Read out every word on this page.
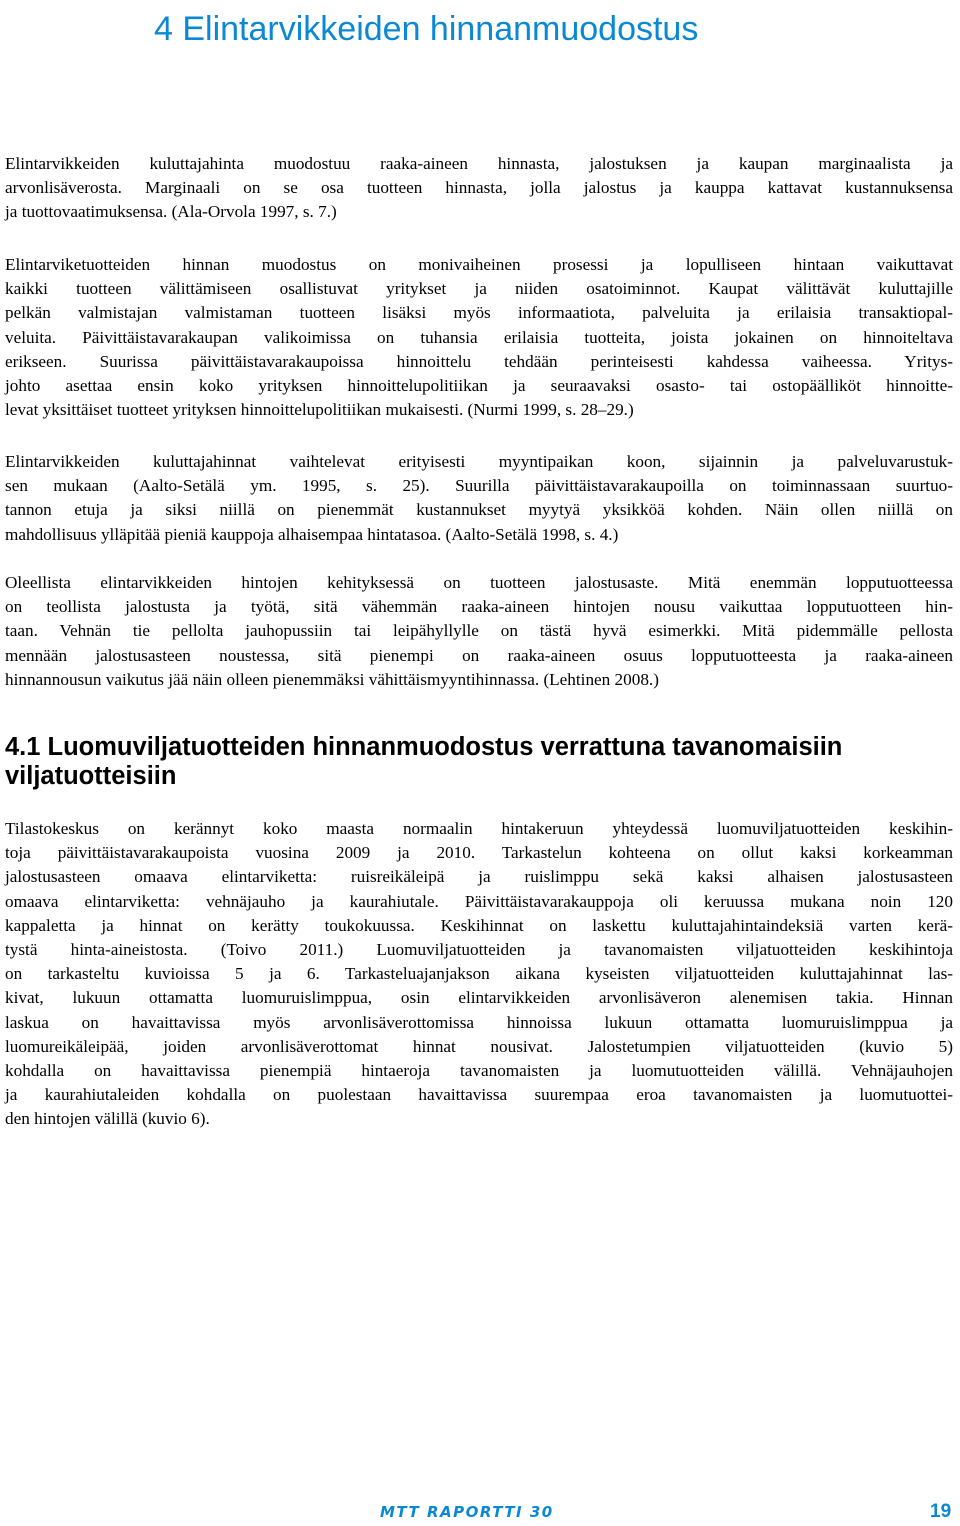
4 Elintarvikkeiden hinnanmuodostus

Elintarvikkeiden kuluttajahinta muodostuu raaka-aineen hinnasta, jalostuksen ja kaupan marginaalista ja
arvonlisäverosta. Marginaali on se osa tuotteen hinnasta, jolla jalostus ja kauppa kattavat kustannuksensa
ja tuottovaatimuksensa. (Ala-Orvola 1997, s. 7.)

Elintarviketuotteiden hinnan muodostus on monivaiheinen prosessi ja lopulliseen hintaan vaikuttavat
kaikki tuotteen välittämiseen osallistuvat yritykset ja niiden osatoiminnot. Kaupat välittävät kuluttajille
pelkän valmistajan valmistaman tuotteen lisäksi myös informaatiota, palveluita ja erilaisia transaktiopal-
veluita. Päivittäistavarakaupan valikoimissa on tuhansia erilaisia tuotteita, joista jokainen on hinnoiteltava
erikseen. Suurissa päivittäistavarakaupoissa hinnoittelu tehdään perinteisesti kahdessa vaiheessa. Yritys-
johto asettaa ensin koko yrityksen hinnoittelupolitiikan ja seuraavaksi osasto- tai ostopäälliköt hinnoitte-
levat yksittäiset tuotteet yrityksen hinnoittelupolitiikan mukaisesti. (Nurmi 1999, s. 28–29.)

Elintarvikkeiden kuluttajahinnat vaihtelevat erityisesti myyntipaikan koon, sijainnin ja palveluvarustuk-
sen mukaan (Aalto-Setälä ym. 1995, s. 25). Suurilla päivittäistavarakaupoilla on toiminnassaan suurtuo-
tannon etuja ja siksi niillä on pienemmät kustannukset myytyä yksikköä kohden. Näin ollen niillä on
mahdollisuus ylläpitää pieniä kauppoja alhaisempaa hintatasoa. (Aalto-Setälä 1998, s. 4.)

Oleellista elintarvikkeiden hintojen kehityksessä on tuotteen jalostusaste. Mitä enemmän lopputuotteessa
on teollista jalostusta ja työtä, sitä vähemmän raaka-aineen hintojen nousu vaikuttaa lopputuotteen hin-
taan. Vehnän tie pellolta jauhopussiin tai leipähyllylle on tästä hyvä esimerkki. Mitä pidemmälle pellosta
mennään jalostusasteen noustessa, sitä pienempi on raaka-aineen osuus lopputuotteesta ja raaka-aineen
hinnannousun vaikutus jää näin olleen pienemmäksi vähittäismyyntihinnassa. (Lehtinen 2008.)

4.1 Luomuviljatuotteiden hinnanmuodostus verrattuna tavanomaisiin viljatuotteisiin

Tilastokeskus on kerännyt koko maasta normaalin hintakeruun yhteydessä luomuviljatuotteiden keskihin-
toja päivittäistavarakaupoista vuosina 2009 ja 2010. Tarkastelun kohteena on ollut kaksi korkeamman
jalostusasteen omaava elintarviketta: ruisreikäleipä ja ruislimppu sekä kaksi alhaisen jalostusasteen
omaava elintarviketta: vehnäjauho ja kaurahiutale. Päivittäistavarakauppoja oli keruussa mukana noin 120
kappaletta ja hinnat on kerätty toukokuussa. Keskihinnat on laskettu kuluttajahintaindeksiä varten kerä-
tystä hinta-aineistosta. (Toivo 2011.) Luomuviljatuotteiden ja tavanomaisten viljatuotteiden keskihintoja
on tarkasteltu kuvioissa 5 ja 6. Tarkasteluajanjakson aikana kyseisten viljatuotteiden kuluttajahinnat las-
kivat, lukuun ottamatta luomuruislimppua, osin elintarvikkeiden arvonlisäveron alenemisen takia. Hinnan
laskua on havaittavissa myös arvonlisäverottomissa hinnoissa lukuun ottamatta luomuruislimppua ja
luomureikäleipää, joiden arvonlisäverottomat hinnat nousivat. Jalostetumpien viljatuotteiden (kuvio 5)
kohdalla on havaittavissa pienempiä hintaeroja tavanomaisten ja luomutuotteiden välillä. Vehnäjauhojen
ja kaurahiutaleiden kohdalla on puolestaan havaittavissa suurempaa eroa tavanomaisten ja luomutuottei-
den hintojen välillä (kuvio 6).

MTT RAPORTTI 30	19
